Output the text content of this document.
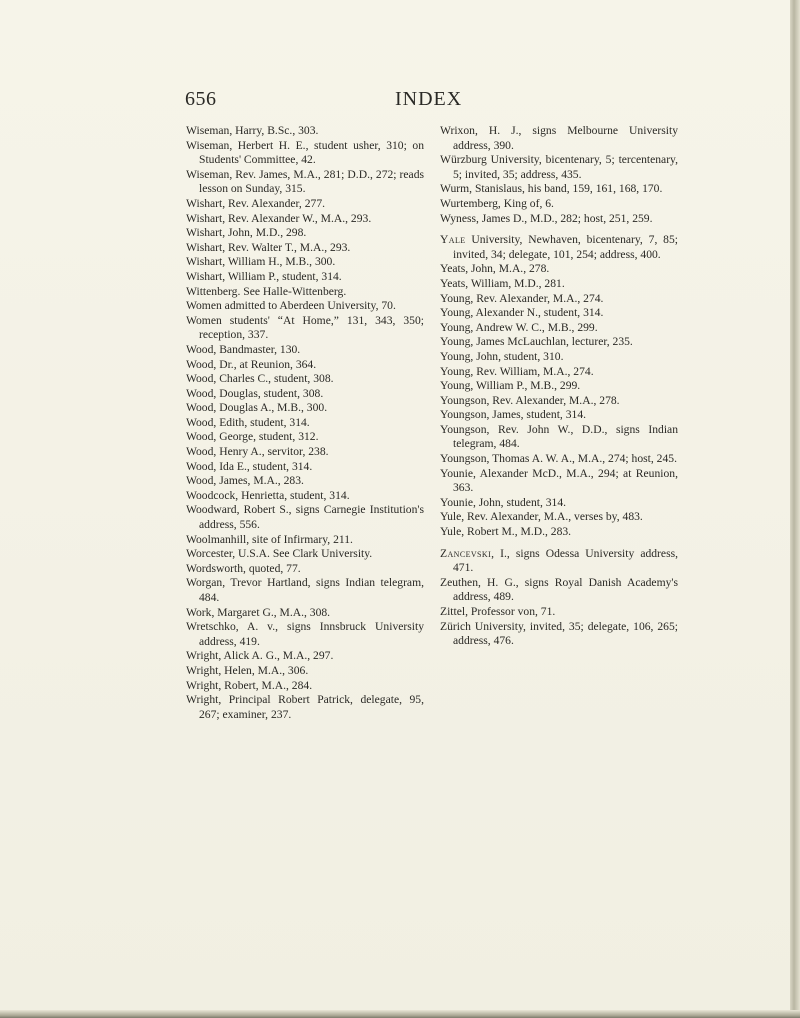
656	INDEX

Wiseman, Harry, B.Sc., 303.

Wiseman, Herbert H. E., student usher, 310; on Students' Committee, 42.

Wiseman, Rev. James, M.A., 281; D.D., 272; reads lesson on Sunday, 315.

Wishart, Rev. Alexander, 277.

Wishart, Rev. Alexander W., M.A., 293.

Wishart, John, M.D., 298.

Wishart, Rev. Walter T., M.A., 293.

Wishart, William H., M.B., 300.

Wishart, William P., student, 314.

Wittenberg. See Halle-Wittenberg.

Women admitted to Aberdeen University, 70.

Women students' “At Home,” 131, 343, 350; reception, 337.

Wood, Bandmaster, 130.

Wood, Dr., at Reunion, 364.

Wood, Charles C., student, 308.

Wood, Douglas, student, 308.

Wood, Douglas A., M.B., 300.

Wood, Edith, student, 314.

Wood, George, student, 312.

Wood, Henry A., servitor, 238.

Wood, Ida E., student, 314.

Wood, James, M.A., 283.

Woodcock, Henrietta, student, 314.

Woodward, Robert S., signs Carnegie Institution's address, 556.

Woolmanhill, site of Infirmary, 211.

Worcester, U.S.A. See Clark University.

Wordsworth, quoted, 77.

Worgan, Trevor Hartland, signs Indian telegram, 484.

Work, Margaret G., M.A., 308.

Wretschko, A. v., signs Innsbruck University address, 419.

Wright, Alick A. G., M.A., 297.

Wright, Helen, M.A., 306.

Wright, Robert, M.A., 284.

Wright, Principal Robert Patrick, delegate, 95, 267; examiner, 237.

Wrixon, H. J., signs Melbourne University address, 390.

Würzburg University, bicentenary, 5; tercentenary, 5; invited, 35; address, 435.

Wurm, Stanislaus, his band, 159, 161, 168, 170.

Wurtemberg, King of, 6.

Wyness, James D., M.D., 282; host, 251, 259.

Yale University, Newhaven, bicentenary, 7, 85; invited, 34; delegate, 101, 254; address, 400.

Yeats, John, M.A., 278.

Yeats, William, M.D., 281.

Young, Rev. Alexander, M.A., 274.

Young, Alexander N., student, 314.

Young, Andrew W. C., M.B., 299.

Young, James McLauchlan, lecturer, 235.

Young, John, student, 310.

Young, Rev. William, M.A., 274.

Young, William P., M.B., 299.

Youngson, Rev. Alexander, M.A., 278.

Youngson, James, student, 314.

Youngson, Rev. John W., D.D., signs Indian telegram, 484.

Youngson, Thomas A. W. A., M.A., 274; host, 245.

Younie, Alexander McD., M.A., 294; at Reunion, 363.

Younie, John, student, 314.

Yule, Rev. Alexander, M.A., verses by, 483.

Yule, Robert M., M.D., 283.

Zancevski, I., signs Odessa University address, 471.

Zeuthen, H. G., signs Royal Danish Academy's address, 489.

Zittel, Professor von, 71.

Zürich University, invited, 35; delegate, 106, 265; address, 476.
